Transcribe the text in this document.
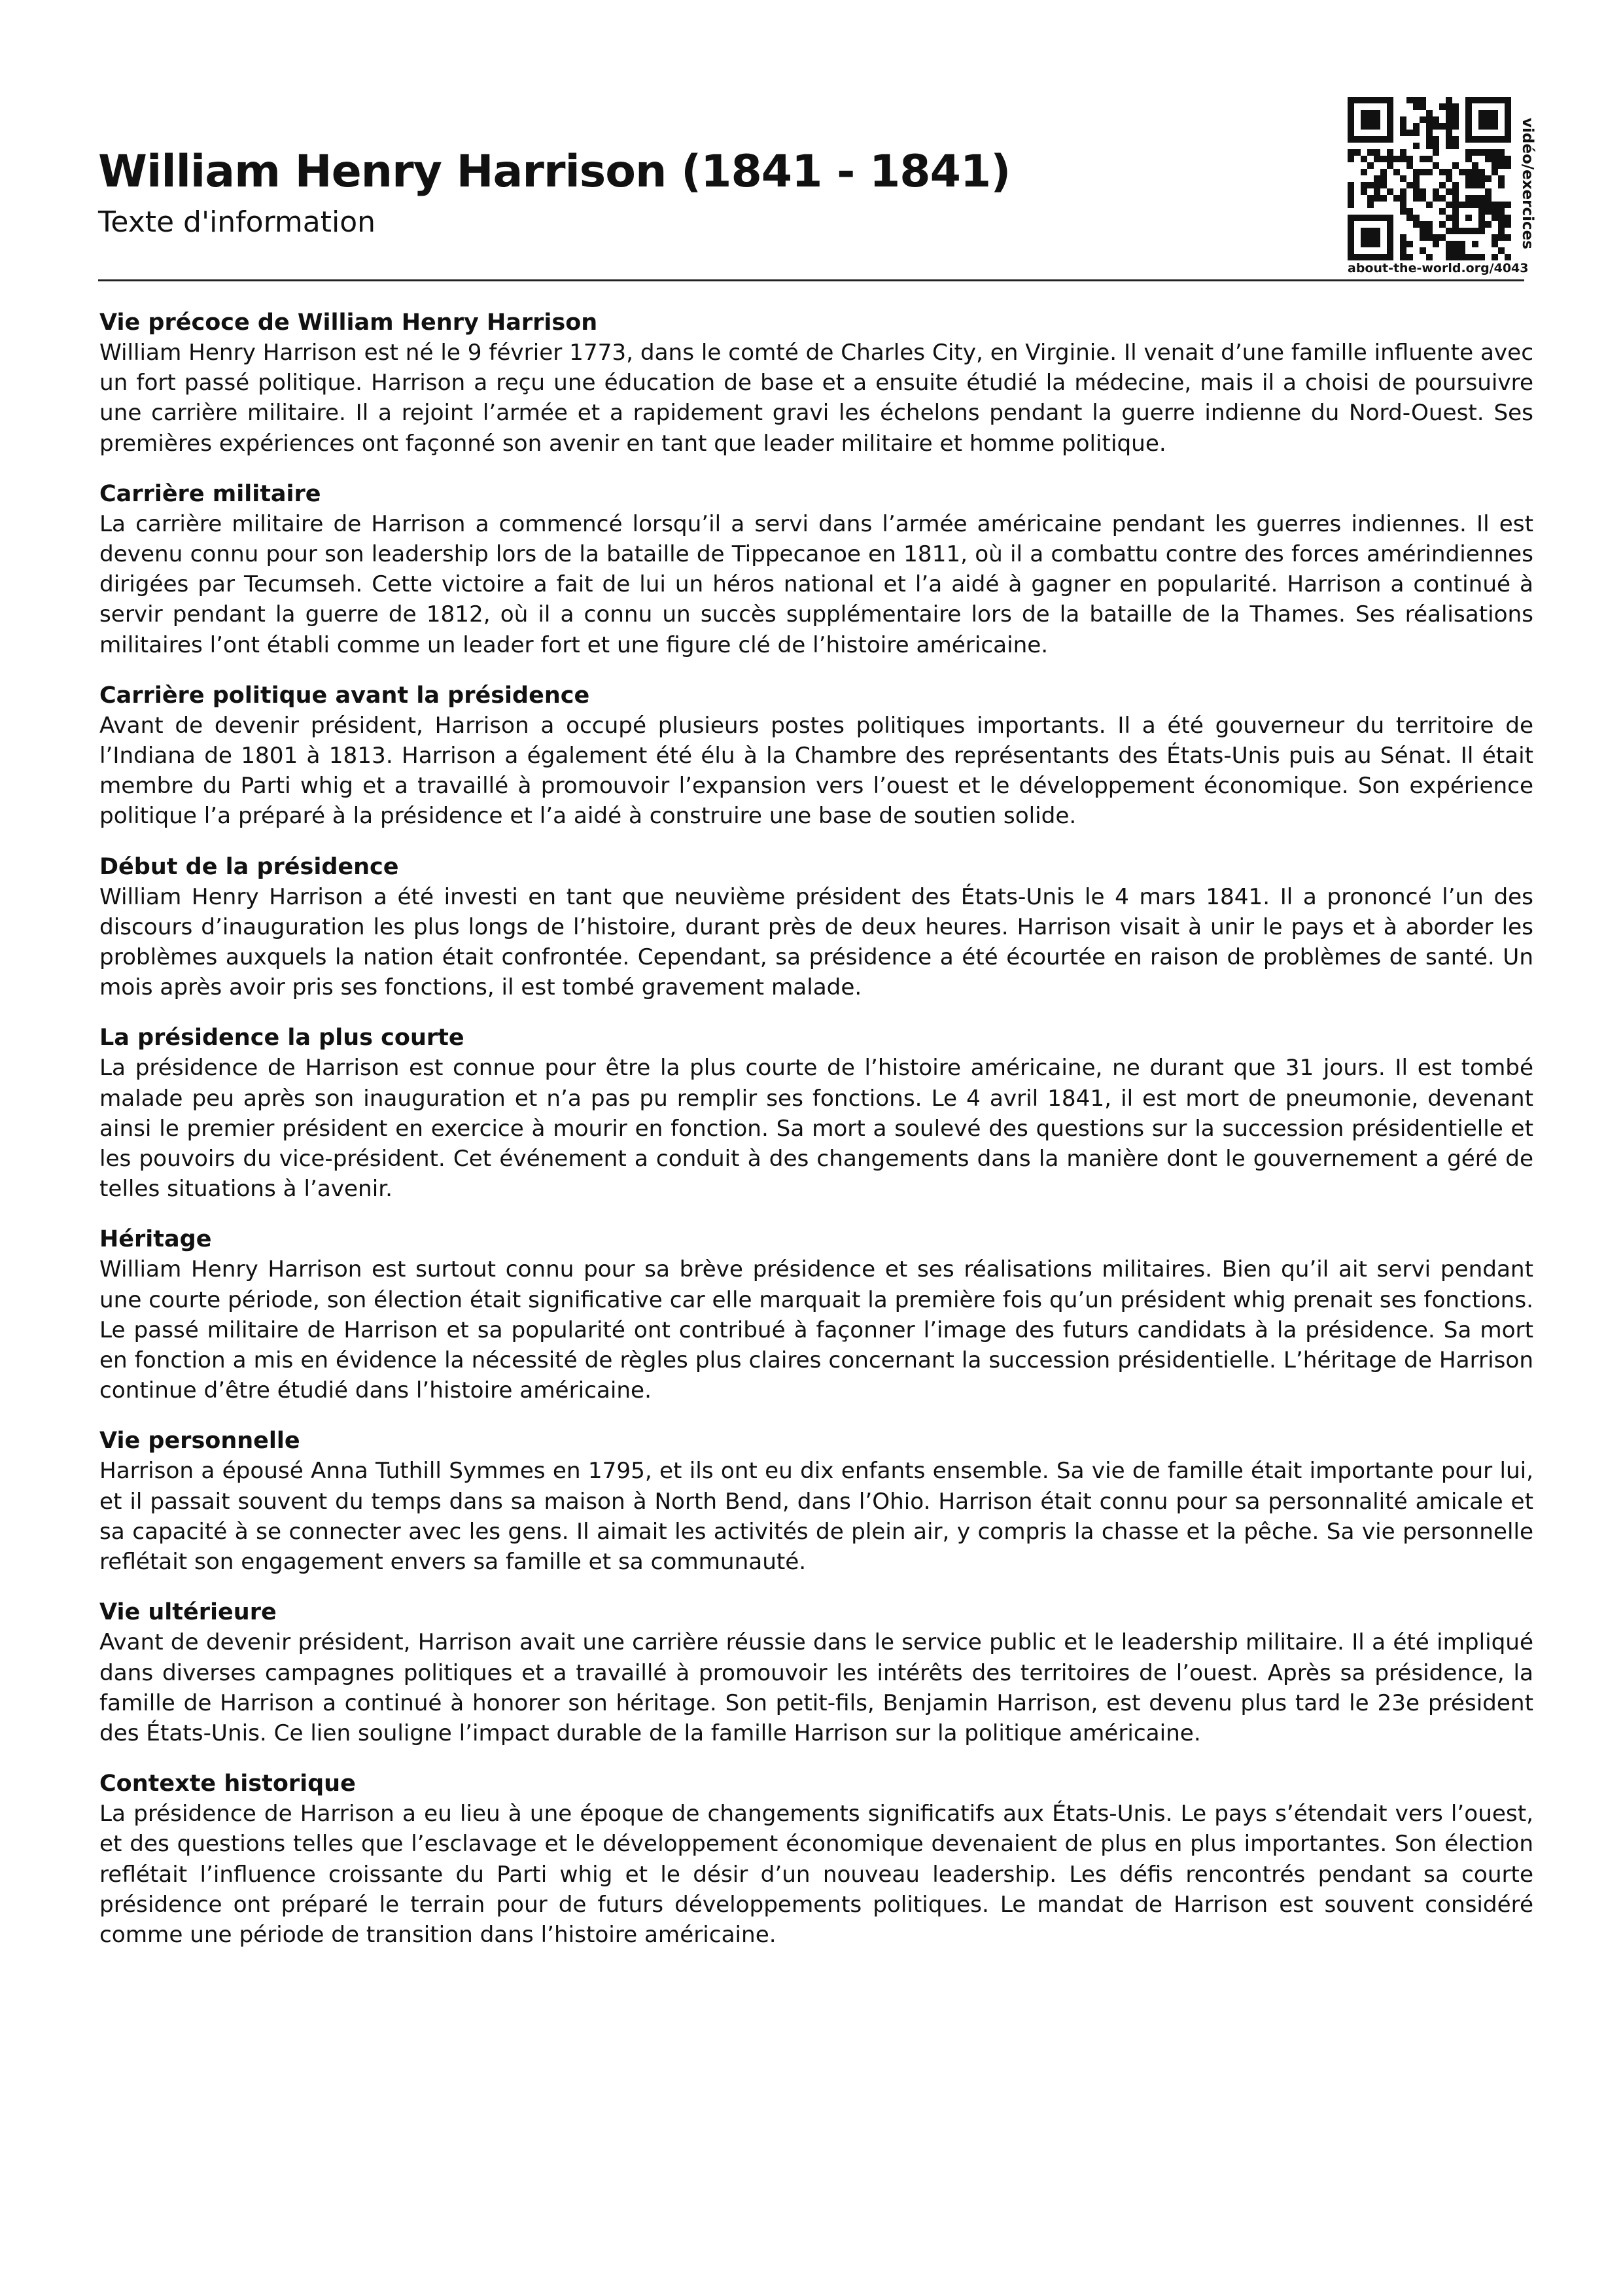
William Henry Harrison (1841 - 1841)
Texte d'information	vidéo/exercices
about-the-world.org/4043
Vie précoce de William Henry Harrison

William Henry Harrison est né le 9 février 1773, dans le comté de Charles City, en Virginie. Il venait d’une famille influente avec un fort passé politique. Harrison a reçu une éducation de base et a ensuite étudié la médecine, mais il a choisi de poursuivre une carrière militaire. Il a rejoint l’armée et a rapidement gravi les échelons pendant la guerre indienne du Nord-Ouest. Ses premières expériences ont façonné son avenir en tant que leader militaire et homme politique.

Carrière militaire

La carrière militaire de Harrison a commencé lorsqu’il a servi dans l’armée américaine pendant les guerres indiennes. Il est devenu connu pour son leadership lors de la bataille de Tippecanoe en 1811, où il a combattu contre des forces amérindiennes dirigées par Tecumseh. Cette victoire a fait de lui un héros national et l’a aidé à gagner en popularité. Harrison a continué à servir pendant la guerre de 1812, où il a connu un succès supplémentaire lors de la bataille de la Thames. Ses réalisations militaires l’ont établi comme un leader fort et une figure clé de l’histoire américaine.

Carrière politique avant la présidence

Avant de devenir président, Harrison a occupé plusieurs postes politiques importants. Il a été gouverneur du territoire de l’Indiana de 1801 à 1813. Harrison a également été élu à la Chambre des représentants des États-Unis puis au Sénat. Il était membre du Parti whig et a travaillé à promouvoir l’expansion vers l’ouest et le développement économique. Son expérience politique l’a préparé à la présidence et l’a aidé à construire une base de soutien solide.

Début de la présidence

William Henry Harrison a été investi en tant que neuvième président des États-Unis le 4 mars 1841. Il a prononcé l’un des discours d’inauguration les plus longs de l’histoire, durant près de deux heures. Harrison visait à unir le pays et à aborder les problèmes auxquels la nation était confrontée. Cependant, sa présidence a été écourtée en raison de problèmes de santé. Un mois après avoir pris ses fonctions, il est tombé gravement malade.

La présidence la plus courte

La présidence de Harrison est connue pour être la plus courte de l’histoire américaine, ne durant que 31 jours. Il est tombé malade peu après son inauguration et n’a pas pu remplir ses fonctions. Le 4 avril 1841, il est mort de pneumonie, devenant ainsi le premier président en exercice à mourir en fonction. Sa mort a soulevé des questions sur la succession présidentielle et les pouvoirs du vice-président. Cet événement a conduit à des changements dans la manière dont le gouvernement a géré de telles situations à l’avenir.

Héritage

William Henry Harrison est surtout connu pour sa brève présidence et ses réalisations militaires. Bien qu’il ait servi pendant une courte période, son élection était significative car elle marquait la première fois qu’un président whig prenait ses fonctions. Le passé militaire de Harrison et sa popularité ont contribué à façonner l’image des futurs candidats à la présidence. Sa mort en fonction a mis en évidence la nécessité de règles plus claires concernant la succession présidentielle. L’héritage de Harrison continue d’être étudié dans l’histoire américaine.

Vie personnelle

Harrison a épousé Anna Tuthill Symmes en 1795, et ils ont eu dix enfants ensemble. Sa vie de famille était importante pour lui, et il passait souvent du temps dans sa maison à North Bend, dans l’Ohio. Harrison était connu pour sa personnalité amicale et sa capacité à se connecter avec les gens. Il aimait les activités de plein air, y compris la chasse et la pêche. Sa vie personnelle reflétait son engagement envers sa famille et sa communauté.

Vie ultérieure

Avant de devenir président, Harrison avait une carrière réussie dans le service public et le leadership militaire. Il a été impliqué dans diverses campagnes politiques et a travaillé à promouvoir les intérêts des territoires de l’ouest. Après sa présidence, la famille de Harrison a continué à honorer son héritage. Son petit-fils, Benjamin Harrison, est devenu plus tard le 23e président des États-Unis. Ce lien souligne l’impact durable de la famille Harrison sur la politique américaine.

Contexte historique

La présidence de Harrison a eu lieu à une époque de changements significatifs aux États-Unis. Le pays s’étendait vers l’ouest, et des questions telles que l’esclavage et le développement économique devenaient de plus en plus importantes. Son élection reflétait l’influence croissante du Parti whig et le désir d’un nouveau leadership. Les défis rencontrés pendant sa courte présidence ont préparé le terrain pour de futurs développements politiques. Le mandat de Harrison est souvent considéré comme une période de transition dans l’histoire américaine.
